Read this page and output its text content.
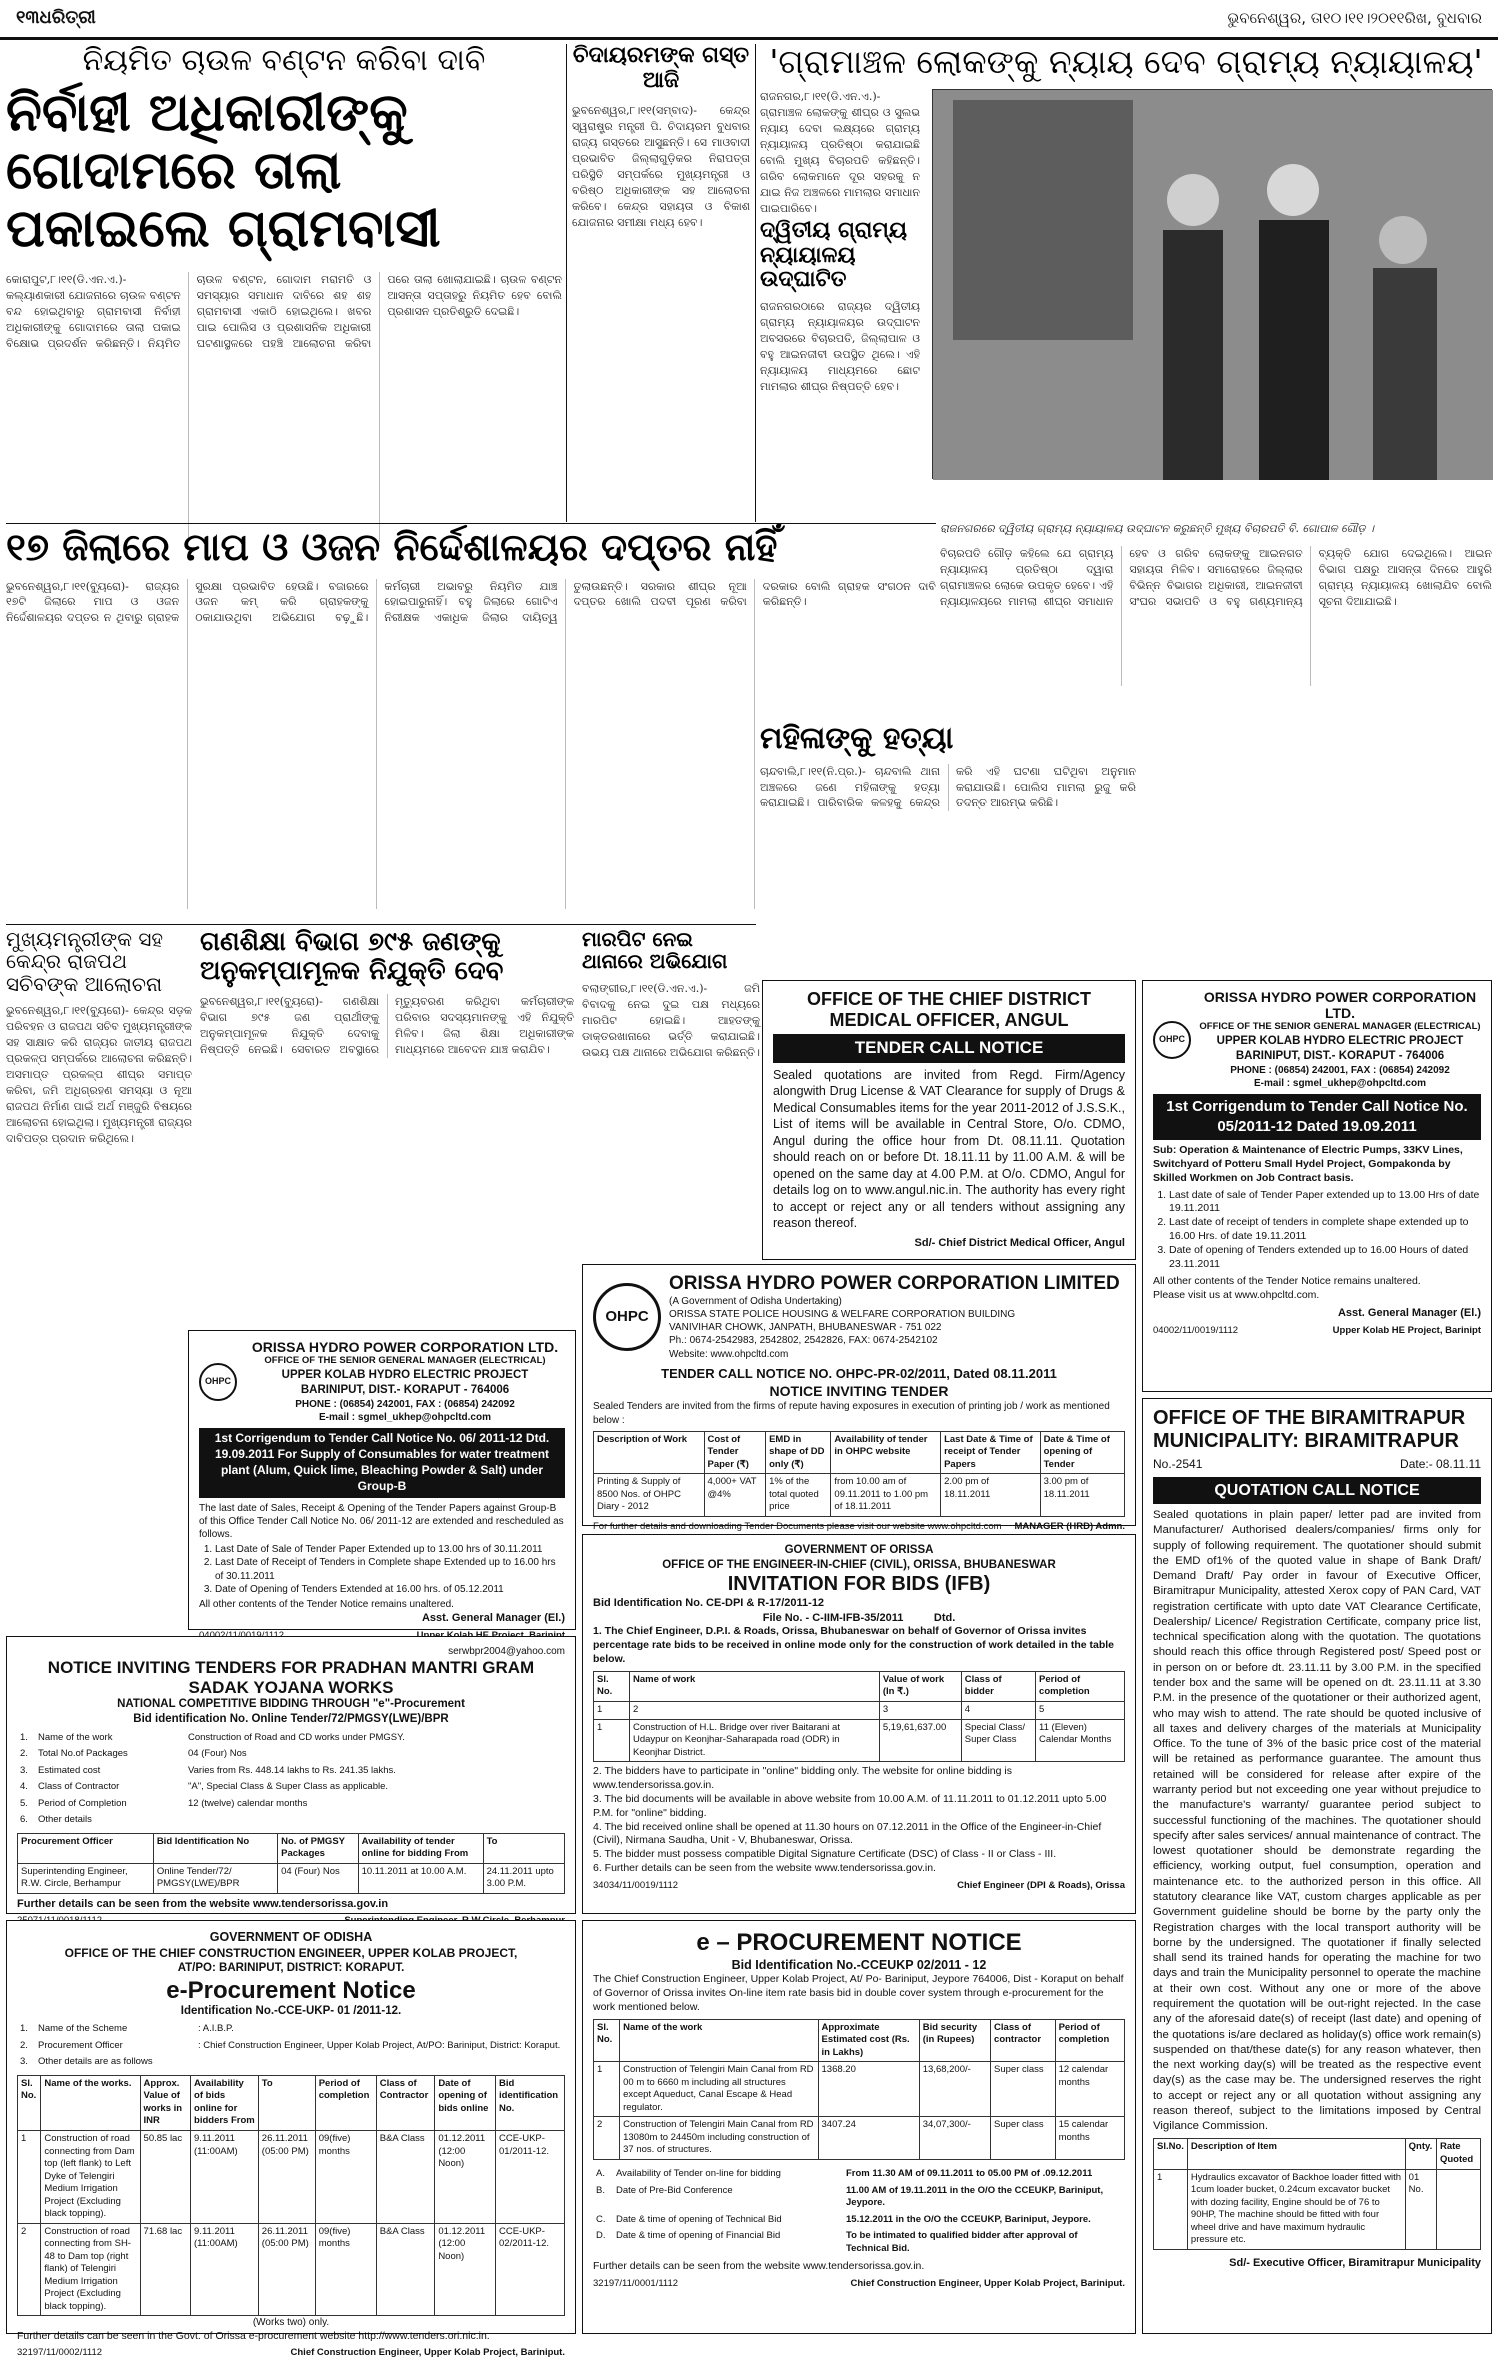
୧୩ଧରିତ୍ରୀ	ଭୁବନେଶ୍ୱର, ତା୧୦।୧୧।୨୦୧୧ରିଖ, ବୁଧବାର
ନିୟମିତ ଚାଉଳ ବଣ୍ଟନ କରିବା ଦାବି
ନିର୍ବାହୀ ଅଧିକାରୀଙ୍କୁ ଗୋଦାମରେ ତାଲା ପକାଇଲେ ଗ୍ରାମବାସୀ
କୋରାପୁଟ,୮।୧୧(ଡି.ଏନ.ଏ.)- କଲ୍ୟାଣକାରୀ ଯୋଜନାରେ ଚାଉଳ ବଣ୍ଟନ ବନ୍ଦ ହୋଇଥିବାରୁ ଗ୍ରାମବାସୀ ନିର୍ବାହୀ ଅଧିକାରୀଙ୍କୁ ଗୋଦାମରେ ତାଲା ପକାଇ ବିକ୍ଷୋଭ ପ୍ରଦର୍ଶନ କରିଛନ୍ତି। ନିୟମିତ ଚାଉଳ ବଣ୍ଟନ, ଗୋଦାମ ମରାମତି ଓ ସମସ୍ୟାର ସମାଧାନ ଦାବିରେ ଶହ ଶହ ଗ୍ରାମବାସୀ ଏକାଠି ହୋଇଥିଲେ। ଖବର ପାଇ ପୋଲିସ ଓ ପ୍ରଶାସନିକ ଅଧିକାରୀ ଘଟଣାସ୍ଥଳରେ ପହଞ୍ଚି ଆଲୋଚନା କରିବା ପରେ ତାଲା ଖୋଲାଯାଇଛି। ଚାଉଳ ବଣ୍ଟନ ଆସନ୍ତା ସପ୍ତାହରୁ ନିୟମିତ ହେବ ବୋଲି ପ୍ରଶାସନ ପ୍ରତିଶ୍ରୁତି ଦେଇଛି।
ଚିଦାୟରମଙ୍କ ଗସ୍ତ ଆଜି
ଭୁବନେଶ୍ୱର,୮।୧୧(ସମ୍ବାଦ)- କେନ୍ଦ୍ର ସ୍ୱରାଷ୍ଟ୍ର ମନ୍ତ୍ରୀ ପି. ଚିଦାୟରମ ବୁଧବାର ରାଜ୍ୟ ଗସ୍ତରେ ଆସୁଛନ୍ତି। ସେ ମାଓବାଦୀ ପ୍ରଭାବିତ ଜିଲ୍ଲାଗୁଡ଼ିକର ନିରାପତ୍ତା ପରିସ୍ଥିତି ସମ୍ପର୍କରେ ମୁଖ୍ୟମନ୍ତ୍ରୀ ଓ ବରିଷ୍ଠ ଅଧିକାରୀଙ୍କ ସହ ଆଲୋଚନା କରିବେ। କେନ୍ଦ୍ର ସହାୟତା ଓ ବିକାଶ ଯୋଜନାର ସମୀକ୍ଷା ମଧ୍ୟ ହେବ।
'ଗ୍ରାମାଞ୍ଚଳ ଲୋକଙ୍କୁ ନ୍ୟାୟ ଦେବ ଗ୍ରାମ୍ୟ ନ୍ୟାୟାଳୟ'
ରାଜନଗର,୮।୧୧(ଡି.ଏନ.ଏ.)- ଗ୍ରାମାଞ୍ଚଳ ଲୋକଙ୍କୁ ଶୀଘ୍ର ଓ ସୁଲଭ ନ୍ୟାୟ ଦେବା ଲକ୍ଷ୍ୟରେ ଗ୍ରାମ୍ୟ ନ୍ୟାୟାଳୟ ପ୍ରତିଷ୍ଠା କରାଯାଇଛି ବୋଲି ମୁଖ୍ୟ ବିଚାରପତି କହିଛନ୍ତି। ଗରିବ ଲୋକମାନେ ଦୂର ସହରକୁ ନ ଯାଇ ନିଜ ଅଞ୍ଚଳରେ ମାମଲାର ସମାଧାନ ପାଇପାରିବେ।
ଦ୍ୱିତୀୟ ଗ୍ରାମ୍ୟ ନ୍ୟାୟାଳୟ ଉଦ୍‌ଘାଟିତ
ରାଜନଗରଠାରେ ରାଜ୍ୟର ଦ୍ୱିତୀୟ ଗ୍ରାମ୍ୟ ନ୍ୟାୟାଳୟର ଉଦ୍‌ଘାଟନ ଅବସରରେ ବିଚାରପତି, ଜିଲ୍ଲାପାଳ ଓ ବହୁ ଆଇନଜୀବୀ ଉପସ୍ଥିତ ଥିଲେ। ଏହି ନ୍ୟାୟାଳୟ ମାଧ୍ୟମରେ ଛୋଟ ମାମଲାର ଶୀଘ୍ର ନିଷ୍ପତ୍ତି ହେବ।
ରାଜନଗରରେ ଦ୍ୱିତୀୟ ଗ୍ରାମ୍ୟ ନ୍ୟାୟାଳୟ ଉଦ୍‌ଘାଟନ କରୁଛନ୍ତି ମୁଖ୍ୟ ବିଚାରପତି ବି. ଗୋପାଳ ଗୌଡ଼ ।
ବିଚାରପତି ଗୌଡ଼ କହିଲେ ଯେ ଗ୍ରାମ୍ୟ ନ୍ୟାୟାଳୟ ପ୍ରତିଷ୍ଠା ଦ୍ୱାରା ଗ୍ରାମାଞ୍ଚଳର ଲୋକେ ଉପକୃତ ହେବେ। ଏହି ନ୍ୟାୟାଳୟରେ ମାମଲା ଶୀଘ୍ର ସମାଧାନ ହେବ ଓ ଗରିବ ଲୋକଙ୍କୁ ଆଇନଗତ ସହାୟତା ମିଳିବ। ସମାରୋହରେ ଜିଲ୍ଲାର ବିଭିନ୍ନ ବିଭାଗର ଅଧିକାରୀ, ଆଇନଜୀବୀ ସଂଘର ସଭାପତି ଓ ବହୁ ଗଣ୍ୟମାନ୍ୟ ବ୍ୟକ୍ତି ଯୋଗ ଦେଇଥିଲେ। ଆଇନ ବିଭାଗ ପକ୍ଷରୁ ଆସନ୍ତା ଦିନରେ ଆହୁରି ଗ୍ରାମ୍ୟ ନ୍ୟାୟାଳୟ ଖୋଲାଯିବ ବୋଲି ସୂଚନା ଦିଆଯାଇଛି।
୧୭ ଜିଲାରେ ମାପ ଓ ଓଜନ ନିର୍ଦ୍ଦେଶାଳୟର ଦପ୍ତର ନାହିଁ
ଭୁବନେଶ୍ୱର,୮।୧୧(ବ୍ୟୁରୋ)- ରାଜ୍ୟର ୧୭ଟି ଜିଲାରେ ମାପ ଓ ଓଜନ ନିର୍ଦ୍ଦେଶାଳୟର ଦପ୍ତର ନ ଥିବାରୁ ଗ୍ରାହକ ସୁରକ୍ଷା ପ୍ରଭାବିତ ହେଉଛି। ବଜାରରେ ଓଜନ କମ୍ କରି ଗ୍ରାହକଙ୍କୁ ଠକାଯାଉଥିବା ଅଭିଯୋଗ ବଢ଼ୁଛି। କର୍ମଚାରୀ ଅଭାବରୁ ନିୟମିତ ଯାଞ୍ଚ ହୋଇପାରୁନାହିଁ। ବହୁ ଜିଲାରେ ଗୋଟିଏ ନିରୀକ୍ଷକ ଏକାଧିକ ଜିଲାର ଦାୟିତ୍ୱ ତୁଲାଉଛନ୍ତି। ସରକାର ଶୀଘ୍ର ନୂଆ ଦପ୍ତର ଖୋଲି ପଦବୀ ପୂରଣ କରିବା ଦରକାର ବୋଲି ଗ୍ରାହକ ସଂଗଠନ ଦାବି କରିଛନ୍ତି।
ମହିଳାଙ୍କୁ ହତ୍ୟା
ଚାନ୍ଦବାଲି,୮।୧୧(ନି.ପ୍ର.)- ଚାନ୍ଦବାଲି ଥାନା ଅଞ୍ଚଳରେ ଜଣେ ମହିଳାଙ୍କୁ ହତ୍ୟା କରାଯାଇଛି। ପାରିବାରିକ କଳହକୁ କେନ୍ଦ୍ର କରି ଏହି ଘଟଣା ଘଟିଥିବା ଅନୁମାନ କରାଯାଉଛି। ପୋଲିସ ମାମଲା ରୁଜୁ କରି ତଦନ୍ତ ଆରମ୍ଭ କରିଛି।
ମୁଖ୍ୟମନ୍ତ୍ରୀଙ୍କ ସହ କେନ୍ଦ୍ର ରାଜପଥ ସଚିବଙ୍କ ଆଲୋଚନା
ଭୁବନେଶ୍ୱର,୮।୧୧(ବ୍ୟୁରୋ)- କେନ୍ଦ୍ର ସଡ଼କ ପରିବହନ ଓ ରାଜପଥ ସଚିବ ମୁଖ୍ୟମନ୍ତ୍ରୀଙ୍କ ସହ ସାକ୍ଷାତ କରି ରାଜ୍ୟର ଜାତୀୟ ରାଜପଥ ପ୍ରକଳ୍ପ ସମ୍ପର୍କରେ ଆଲୋଚନା କରିଛନ୍ତି। ଅସମାପ୍ତ ପ୍ରକଳ୍ପ ଶୀଘ୍ର ସମାପ୍ତ କରିବା, ଜମି ଅଧିଗ୍ରହଣ ସମସ୍ୟା ଓ ନୂଆ ରାଜପଥ ନିର୍ମାଣ ପାଇଁ ଅର୍ଥ ମଞ୍ଜୁରି ବିଷୟରେ ଆଲୋଚନା ହୋଇଥିଲା। ମୁଖ୍ୟମନ୍ତ୍ରୀ ରାଜ୍ୟର ଦାବିପତ୍ର ପ୍ରଦାନ କରିଥିଲେ।
ଗଣଶିକ୍ଷା ବିଭାଗ ୭୯୫ ଜଣଙ୍କୁ ଅନୁକମ୍ପାମୂଳକ ନିଯୁକ୍ତି ଦେବ
ଭୁବନେଶ୍ୱର,୮।୧୧(ବ୍ୟୁରୋ)- ଗଣଶିକ୍ଷା ବିଭାଗ ୭୯୫ ଜଣ ପ୍ରାର୍ଥୀଙ୍କୁ ଅନୁକମ୍ପାମୂଳକ ନିଯୁକ୍ତି ଦେବାକୁ ନିଷ୍ପତ୍ତି ନେଇଛି। ସେବାରତ ଅବସ୍ଥାରେ ମୃତ୍ୟୁବରଣ କରିଥିବା କର୍ମଚାରୀଙ୍କ ପରିବାର ସଦସ୍ୟମାନଙ୍କୁ ଏହି ନିଯୁକ୍ତି ମିଳିବ। ଜିଲା ଶିକ୍ଷା ଅଧିକାରୀଙ୍କ ମାଧ୍ୟମରେ ଆବେଦନ ଯାଞ୍ଚ କରାଯିବ।
ମାରପିଟ ନେଇ ଥାନାରେ ଅଭିଯୋଗ
ବଲାଙ୍ଗୀର,୮।୧୧(ଡି.ଏନ.ଏ.)- ଜମି ବିବାଦକୁ ନେଇ ଦୁଇ ପକ୍ଷ ମଧ୍ୟରେ ମାରପିଟ ହୋଇଛି। ଆହତଙ୍କୁ ଡାକ୍ତରଖାନାରେ ଭର୍ତ୍ତି କରାଯାଇଛି। ଉଭୟ ପକ୍ଷ ଥାନାରେ ଅଭିଯୋଗ କରିଛନ୍ତି।
OFFICE OF THE CHIEF DISTRICT
MEDICAL OFFICER, ANGUL
TENDER CALL NOTICE
Sealed quotations are invited from Regd. Firm/Agency alongwith Drug License & VAT Clearance for supply of Drugs & Medical Consumables items for the year 2011-2012 of J.S.S.K., List of items will be available in Central Store, O/o. CDMO, Angul during the office hour from Dt. 08.11.11. Quotation should reach on or before Dt. 18.11.11 by 11.00 A.M. & will be opened on the same day at 4.00 P.M. at O/o. CDMO, Angul for details log on to www.angul.nic.in. The authority has every right to accept or reject any or all tenders without assigning any reason thereof.
Sd/- Chief District Medical Officer, Angul
OHPC
ORISSA HYDRO POWER CORPORATION LTD.
OFFICE OF THE SENIOR GENERAL MANAGER (ELECTRICAL)
UPPER KOLAB HYDRO ELECTRIC PROJECT
BARINIPUT, DIST.- KORAPUT - 764006
PHONE : (06854) 242001, FAX : (06854) 242092
E-mail : sgmel_ukhep@ohpcltd.com
1st Corrigendum to Tender Call Notice No. 05/2011-12 Dated 19.09.2011
Sub: Operation & Maintenance of Electric Pumps, 33KV Lines, Switchyard of Potteru Small Hydel Project, Gompakonda by Skilled Workmen on Job Contract basis.
1. Last date of sale of Tender Paper extended up to 13.00 Hrs of date 19.11.2011
2. Last date of receipt of tenders in complete shape extended up to 16.00 Hrs. of date 19.11.2011
3. Date of opening of Tenders extended up to 16.00 Hours of dated 23.11.2011
All other contents of the Tender Notice remains unaltered.
Please visit us at www.ohpcltd.com.
Asst. General Manager (El.)
04002/11/0019/1112	Upper Kolab HE Project, Barinipt
OFFICE OF THE BIRAMITRAPUR MUNICIPALITY: BIRAMITRAPUR
No.-2541	Date:- 08.11.11
QUOTATION CALL NOTICE
Sealed quotations in plain paper/ letter pad are invited from Manufacturer/ Authorised dealers/companies/ firms only for supply of following requirement. The quotationer should submit the EMD of1% of the quoted value in shape of Bank Draft/ Demand Draft/ Pay order in favour of Executive Officer, Biramitrapur Municipality, attested Xerox copy of PAN Card, VAT registration certificate with upto date VAT Clearance Certificate, Dealership/ Licence/ Registration Certificate, company price list, technical specification along with the quotation. The quotations should reach this office through Registered post/ Speed post or in person on or before dt. 23.11.11 by 3.00 P.M. in the specified tender box and the same will be opened on dt. 23.11.11 at 3.30 P.M. in the presence of the quotationer or their authorized agent, who may wish to attend. The rate should be quoted inclusive of all taxes and delivery charges of the materials at Municipality Office. To the tune of 3% of the basic price cost of the material will be retained as performance guarantee. The amount thus retained will be considered for release after expire of the warranty period but not exceeding one year without prejudice to the manufacture's warranty/ guarantee period subject to successful functioning of the machines. The quotationer should specify after sales services/ annual maintenance of contract. The lowest quotationer should be demonstrate regarding the efficiency, working output, fuel consumption, operation and maintenance etc. to the authorized person in this office. All statutory clearance like VAT, custom charges applicable as per Government guideline should be borne by the party only the Registration charges with the local transport authority will be borne by the undersigned. The quotationer if finally selected shall send its trained hands for operating the machine for two days and train the Municipality personnel to operate the machine at their own cost. Without any one or more of the above requirement the quotation will be out-right rejected. In the case any of the aforesaid date(s) of receipt (last date) and opening of the quotations is/are declared as holiday(s) office work remain(s) suspended on that/these date(s) for any reason whatever, then the next working day(s) will be treated as the respective event day(s) as the case may be. The undersigned reserves the right to accept or reject any or all quotation without assigning any reason thereof, subject to the limitations imposed by Central Vigilance Commission.
Sl.No.	Description of Item	Qnty.	Rate Quoted
1	Hydraulics excavator of Backhoe loader fitted with 1cum loader bucket, 0.24cum excavator bucket with dozing facility, Engine should be of 76 to 90HP, The machine should be fitted with four wheel drive and have maximum hydraulic pressure etc.	01 No.	
Sd/- Executive Officer, Biramitrapur Municipality
OHPC
ORISSA HYDRO POWER CORPORATION LIMITED
(A Government of Odisha Undertaking)
ORISSA STATE POLICE HOUSING & WELFARE CORPORATION BUILDING
VANIVIHAR CHOWK, JANPATH, BHUBANESWAR - 751 022
Ph.: 0674-2542983, 2542802, 2542826, FAX: 0674-2542102
Website: www.ohpcltd.com
TENDER CALL NOTICE NO. OHPC-PR-02/2011, Dated 08.11.2011
NOTICE INVITING TENDER
Sealed Tenders are invited from the firms of repute having exposures in execution of printing job / work as mentioned below :
Description of Work	Cost of Tender Paper (₹)	EMD in shape of DD only (₹)	Availability of tender in OHPC website	Last Date & Time of receipt of Tender Papers	Date & Time of opening of Tender
Printing & Supply of 8500 Nos. of OHPC Diary - 2012	4,000+ VAT @4%	1% of the total quoted price	from 10.00 am of 09.11.2011 to 1.00 pm of 18.11.2011	2.00 pm of 18.11.2011	3.00 pm of 18.11.2011
For further details and downloading Tender Documents please visit our website www.ohpcltd.com MANAGER (HRD) Admn.
OHPC
ORISSA HYDRO POWER CORPORATION LTD.
OFFICE OF THE SENIOR GENERAL MANAGER (ELECTRICAL)
UPPER KOLAB HYDRO ELECTRIC PROJECT
BARINIPUT, DIST.- KORAPUT - 764006
PHONE : (06854) 242001, FAX : (06854) 242092
E-mail : sgmel_ukhep@ohpcltd.com
1st Corrigendum to Tender Call Notice No. 06/ 2011-12 Dtd. 19.09.2011 For Supply of Consumables for water treatment plant (Alum, Quick lime, Bleaching Powder & Salt) under Group-B
The last date of Sales, Receipt & Opening of the Tender Papers against Group-B of this Office Tender Call Notice No. 06/ 2011-12 are extended and rescheduled as follows.
1. Last Date of Sale of Tender Paper Extended up to 13.00 hrs of 30.11.2011
2. Last Date of Receipt of Tenders in Complete shape Extended up to 16.00 hrs of 30.11.2011
3. Date of Opening of Tenders Extended at 16.00 hrs. of 05.12.2011
All other contents of the Tender Notice remains unaltered.
Asst. General Manager (El.)
GOVERNMENT OF ORISSA
OFFICE OF THE ENGINEER-IN-CHIEF (CIVIL), ORISSA, BHUBANESWAR
INVITATION FOR BIDS (IFB)
Bid Identification No. CE-DPI & R-17/2011-12
File No. - C-IIM-IFB-35/2011          Dtd.
1. The Chief Engineer, D.P.I. & Roads, Orissa, Bhubaneswar on behalf of Governor of Orissa invites percentage rate bids to be received in online mode only for the construction of work detailed in the table below.
Sl. No.	Name of work	Value of work (In ₹.)	Class of bidder	Period of completion
1	2	3	4	5
1	Construction of H.L. Bridge over river Baitarani at Udaypur on Keonjhar-Saharapada road (ODR) in Keonjhar District.	5,19,61,637.00	Special Class/ Super Class	11 (Eleven) Calendar Months
2. The bidders have to participate in "online" bidding only. The website for online bidding is www.tendersorissa.gov.in.
3. The bid documents will be available in above website from 10.00 A.M. of 11.11.2011 to 01.12.2011 upto 5.00 P.M. for "online" bidding.
4. The bid received online shall be opened at 11.30 hours on 07.12.2011 in the Office of the Engineer-in-Chief (Civil), Nirmana Saudha, Unit - V, Bhubaneswar, Orissa.
5. The bidder must possess compatible Digital Signature Certificate (DSC) of Class - II or Class - III.
6. Further details can be seen from the website www.tendersorissa.gov.in.
34034/11/0019/1112	Chief Engineer (DPI & Roads), Orissa
serwbpr2004@yahoo.com
NOTICE INVITING TENDERS FOR PRADHAN MANTRI GRAM SADAK YOJANA WORKS
NATIONAL COMPETITIVE BIDDING THROUGH "e"-Procurement
Bid identification No. Online Tender/72/PMGSY(LWE)/BPR
1.	Name of the work	Construction of Road and CD works under PMGSY.
2.	Total No.of Packages	04 (Four) Nos
3.	Estimated cost	Varies from Rs. 448.14 lakhs to Rs. 241.35 lakhs.
4.	Class of Contractor	"A", Special Class & Super Class as applicable.
5.	Period of Completion	12 (twelve) calendar months
6.	Other details	
Procurement Officer	Bid Identification No	No. of PMGSY Packages	Availability of tender online for bidding From	To
Superintending Engineer, R.W. Circle, Berhampur	Online Tender/72/ PMGSY(LWE)/BPR	04 (Four) Nos	10.11.2011 at 10.00 A.M.	24.11.2011 upto 3.00 P.M.
Further details can be seen from the website www.tendersorissa.gov.in
GOVERNMENT OF ODISHA
OFFICE OF THE CHIEF CONSTRUCTION ENGINEER, UPPER KOLAB PROJECT,
AT/PO: BARINIPUT, DISTRICT: KORAPUT.
e-Procurement Notice
Identification No.-CCE-UKP- 01 /2011-12.
1.	Name of the Scheme	: A.I.B.P.
2.	Procurement Officer	: Chief Construction Engineer, Upper Kolab Project, At/PO: Bariniput, District: Koraput.
3.	Other details are as follows	
Sl. No.	Name of the works.	Approx. Value of works in INR	Availability of bids online for bidders From	To	Period of completion	Class of Contractor	Date of opening of bids online	Bid identification No.
1	Construction of road connecting from Dam top (left flank) to Left Dyke of Telengiri Medium Irrigation Project (Excluding black topping).	50.85 lac	9.11.2011 (11:00AM)	26.11.2011 (05:00 PM)	09(five) months	B&A Class	01.12.2011 (12:00 Noon)	CCE-UKP-01/2011-12.
2	Construction of road connecting from SH-48 to Dam top (right flank) of Telengiri Medium Irrigation Project (Excluding black topping).	71.68 lac	9.11.2011 (11:00AM)	26.11.2011 (05:00 PM)	09(five) months	B&A Class	01.12.2011 (12:00 Noon)	CCE-UKP-02/2011-12.
(Works two) only.
Further details can be seen in the Govt. of Orissa e-procurement website http://www.tenders.ori.nic.in.
32197/11/0002/1112	Chief Construction Engineer, Upper Kolab Project, Bariniput.
e – PROCUREMENT NOTICE
Bid Identification No.-CCEUKP 02/2011 - 12
The Chief Construction Engineer, Upper Kolab Project, At/ Po- Bariniput, Jeypore 764006, Dist - Koraput on behalf of Governor of Orissa invites On-line item rate basis bid in double cover system through e-procurement for the work mentioned below.
Sl. No.	Name of the work	Approximate Estimated cost (Rs. in Lakhs)	Bid security (in Rupees)	Class of contractor	Period of completion
1	Construction of Telengiri Main Canal from RD 00 m to 6660 m including all structures except Aqueduct, Canal Escape & Head regulator.	1368.20	13,68,200/-	Super class	12 calendar months
2	Construction of Telengiri Main Canal from RD 13080m to 24450m including construction of 37 nos. of structures.	3407.24	34,07,300/-	Super class	15 calendar months
A.	Availability of Tender on-line for bidding	From 11.30 AM of 09.11.2011 to 05.00 PM of .09.12.2011
B.	Date of Pre-Bid Conference	11.00 AM of 19.11.2011 in the O/O the CCEUKP, Bariniput, Jeypore.
C.	Date & time of opening of Technical Bid	15.12.2011 in the O/O the CCEUKP, Bariniput, Jeypore.
D.	Date & time of opening of Financial Bid	To be intimated to qualified bidder after approval of Technical Bid.
Further details can be seen from the website www.tendersorissa.gov.in.
32197/11/0001/1112	Chief Construction Engineer, Upper Kolab Project, Bariniput.
